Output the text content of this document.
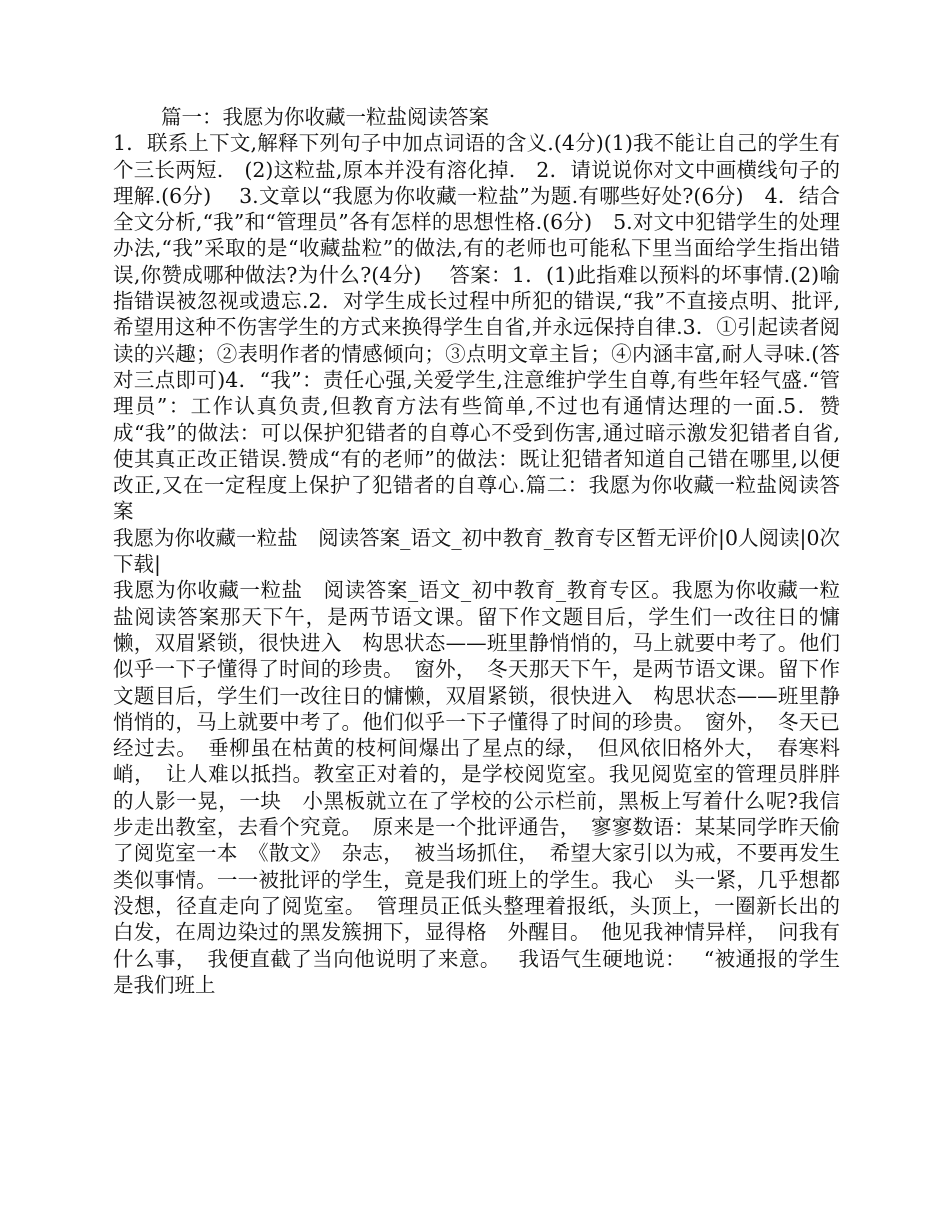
篇一：我愿为你收藏一粒盐阅读答案

1．联系上下文,解释下列句子中加点词语的含义.(4分)(1)我不能让自己的学生有个三长两短.　(2)这粒盐,原本并没有溶化掉.　2．请说说你对文中画横线句子的理解.(6分)　 3.文章以“我愿为你收藏一粒盐”为题.有哪些好处?(6分)　4．结合全文分析,“我”和“管理员”各有怎样的思想性格.(6分)　5.对文中犯错学生的处理办法,“我”采取的是“收藏盐粒”的做法,有的老师也可能私下里当面给学生指出错误,你赞成哪种做法?为什么?(4分)　 答案：1．(1)此指难以预料的坏事情.(2)喻指错误被忽视或遗忘.2．对学生成长过程中所犯的错误,“我”不直接点明、批评,希望用这种不伤害学生的方式来换得学生自省,并永远保持自律.3．①引起读者阅读的兴趣；②表明作者的情感倾向；③点明文章主旨；④内涵丰富,耐人寻味.(答对三点即可)4．“我”：责任心强,关爱学生,注意维护学生自尊,有些年轻气盛.“管理员”：工作认真负责,但教育方法有些简单,不过也有通情达理的一面.5．赞成“我”的做法：可以保护犯错者的自尊心不受到伤害,通过暗示激发犯错者自省,使其真正改正错误.赞成“有的老师”的做法：既让犯错者知道自己错在哪里,以便改正,又在一定程度上保护了犯错者的自尊心.篇二：我愿为你收藏一粒盐阅读答案

我愿为你收藏一粒盐　阅读答案_语文_初中教育_教育专区暂无评价|0人阅读|0次下载|

我愿为你收藏一粒盐　阅读答案_语文_初中教育_教育专区。我愿为你收藏一粒盐阅读答案那天下午，是两节语文课。留下作文题目后，学生们一改往日的慵懒，双眉紧锁，很快进入　构思状态——班里静悄悄的，马上就要中考了。他们似乎一下子懂得了时间的珍贵。　窗外，　冬天那天下午，是两节语文课。留下作文题目后，学生们一改往日的慵懒，双眉紧锁，很快进入　构思状态——班里静悄悄的，马上就要中考了。他们似乎一下子懂得了时间的珍贵。　窗外，　冬天已经过去。　垂柳虽在枯黄的枝柯间爆出了星点的绿，　但风依旧格外大，　春寒料峭，　让人难以抵挡。教室正对着的，是学校阅览室。我见阅览室的管理员胖胖的人影一晃，一块　小黑板就立在了学校的公示栏前，黑板上写着什么呢?我信步走出教室，去看个究竟。　原来是一个批评通告，　寥寥数语：某某同学昨天偷了阅览室一本　《散文》　杂志，　被当场抓住，　希望大家引以为戒，不要再发生类似事情。一一被批评的学生，竟是我们班上的学生。我心　头一紧，几乎想都没想，径直走向了阅览室。　管理员正低头整理着报纸，头顶上，一圈新长出的白发，在周边染过的黑发簇拥下，显得格　外醒目。　他见我神情异样，　问我有什么事，　我便直截了当向他说明了来意。　 我语气生硬地说：　 “被通报的学生是我们班上
